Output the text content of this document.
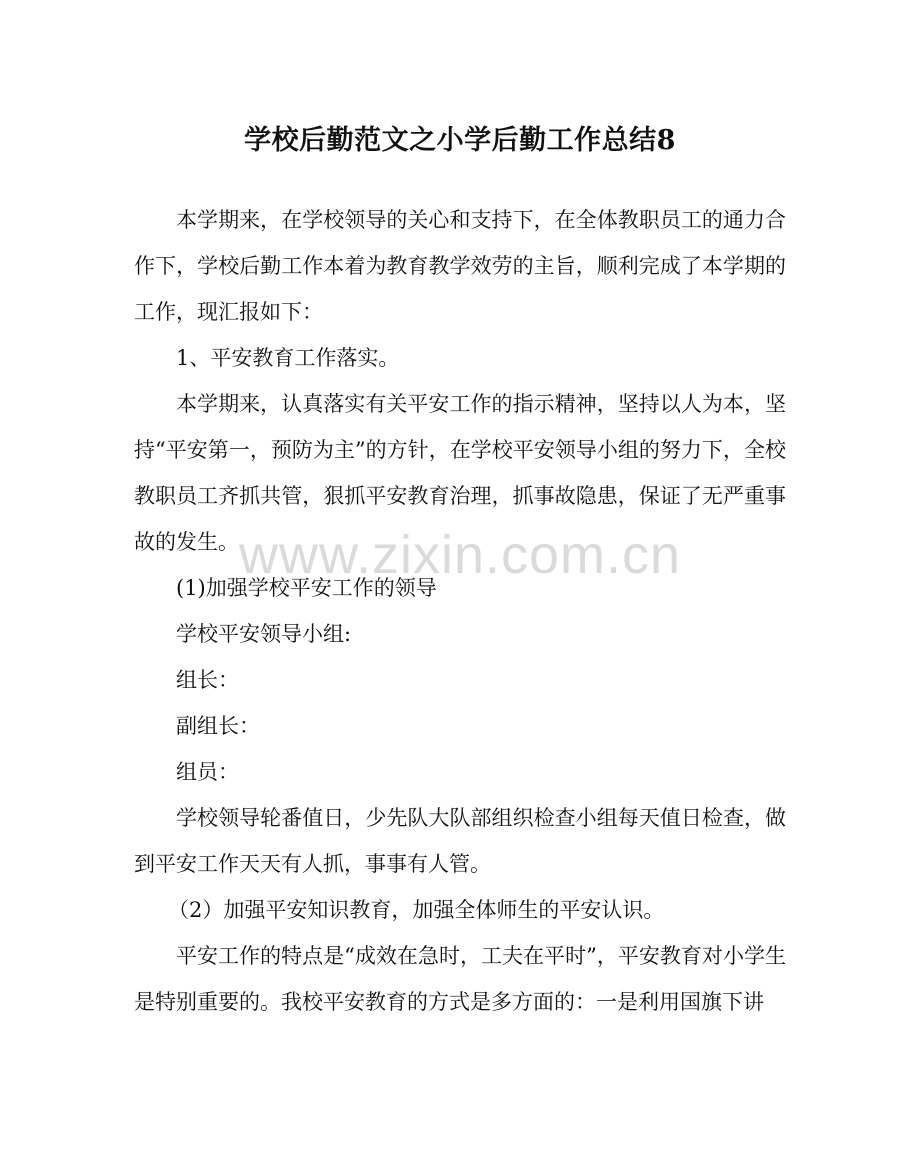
学校后勤范文之小学后勤工作总结8

本学期来，在学校领导的关心和支持下，在全体教职员工的通力合作下，学校后勤工作本着为教育教学效劳的主旨，顺利完成了本学期的工作，现汇报如下：

1、平安教育工作落实。

本学期来，认真落实有关平安工作的指示精神，坚持以人为本，坚持“平安第一，预防为主”的方针，在学校平安领导小组的努力下，全校教职员工齐抓共管，狠抓平安教育治理，抓事故隐患，保证了无严重事故的发生。

(1)加强学校平安工作的领导

学校平安领导小组:

组长：

副组长：

组员：

学校领导轮番值日，少先队大队部组织检查小组每天值日检查，做到平安工作天天有人抓，事事有人管。

（2）加强平安知识教育，加强全体师生的平安认识。

平安工作的特点是“成效在急时，工夫在平时”，平安教育对小学生是特别重要的。我校平安教育的方式是多方面的：一是利用国旗下讲

www.zixin.com.cn
